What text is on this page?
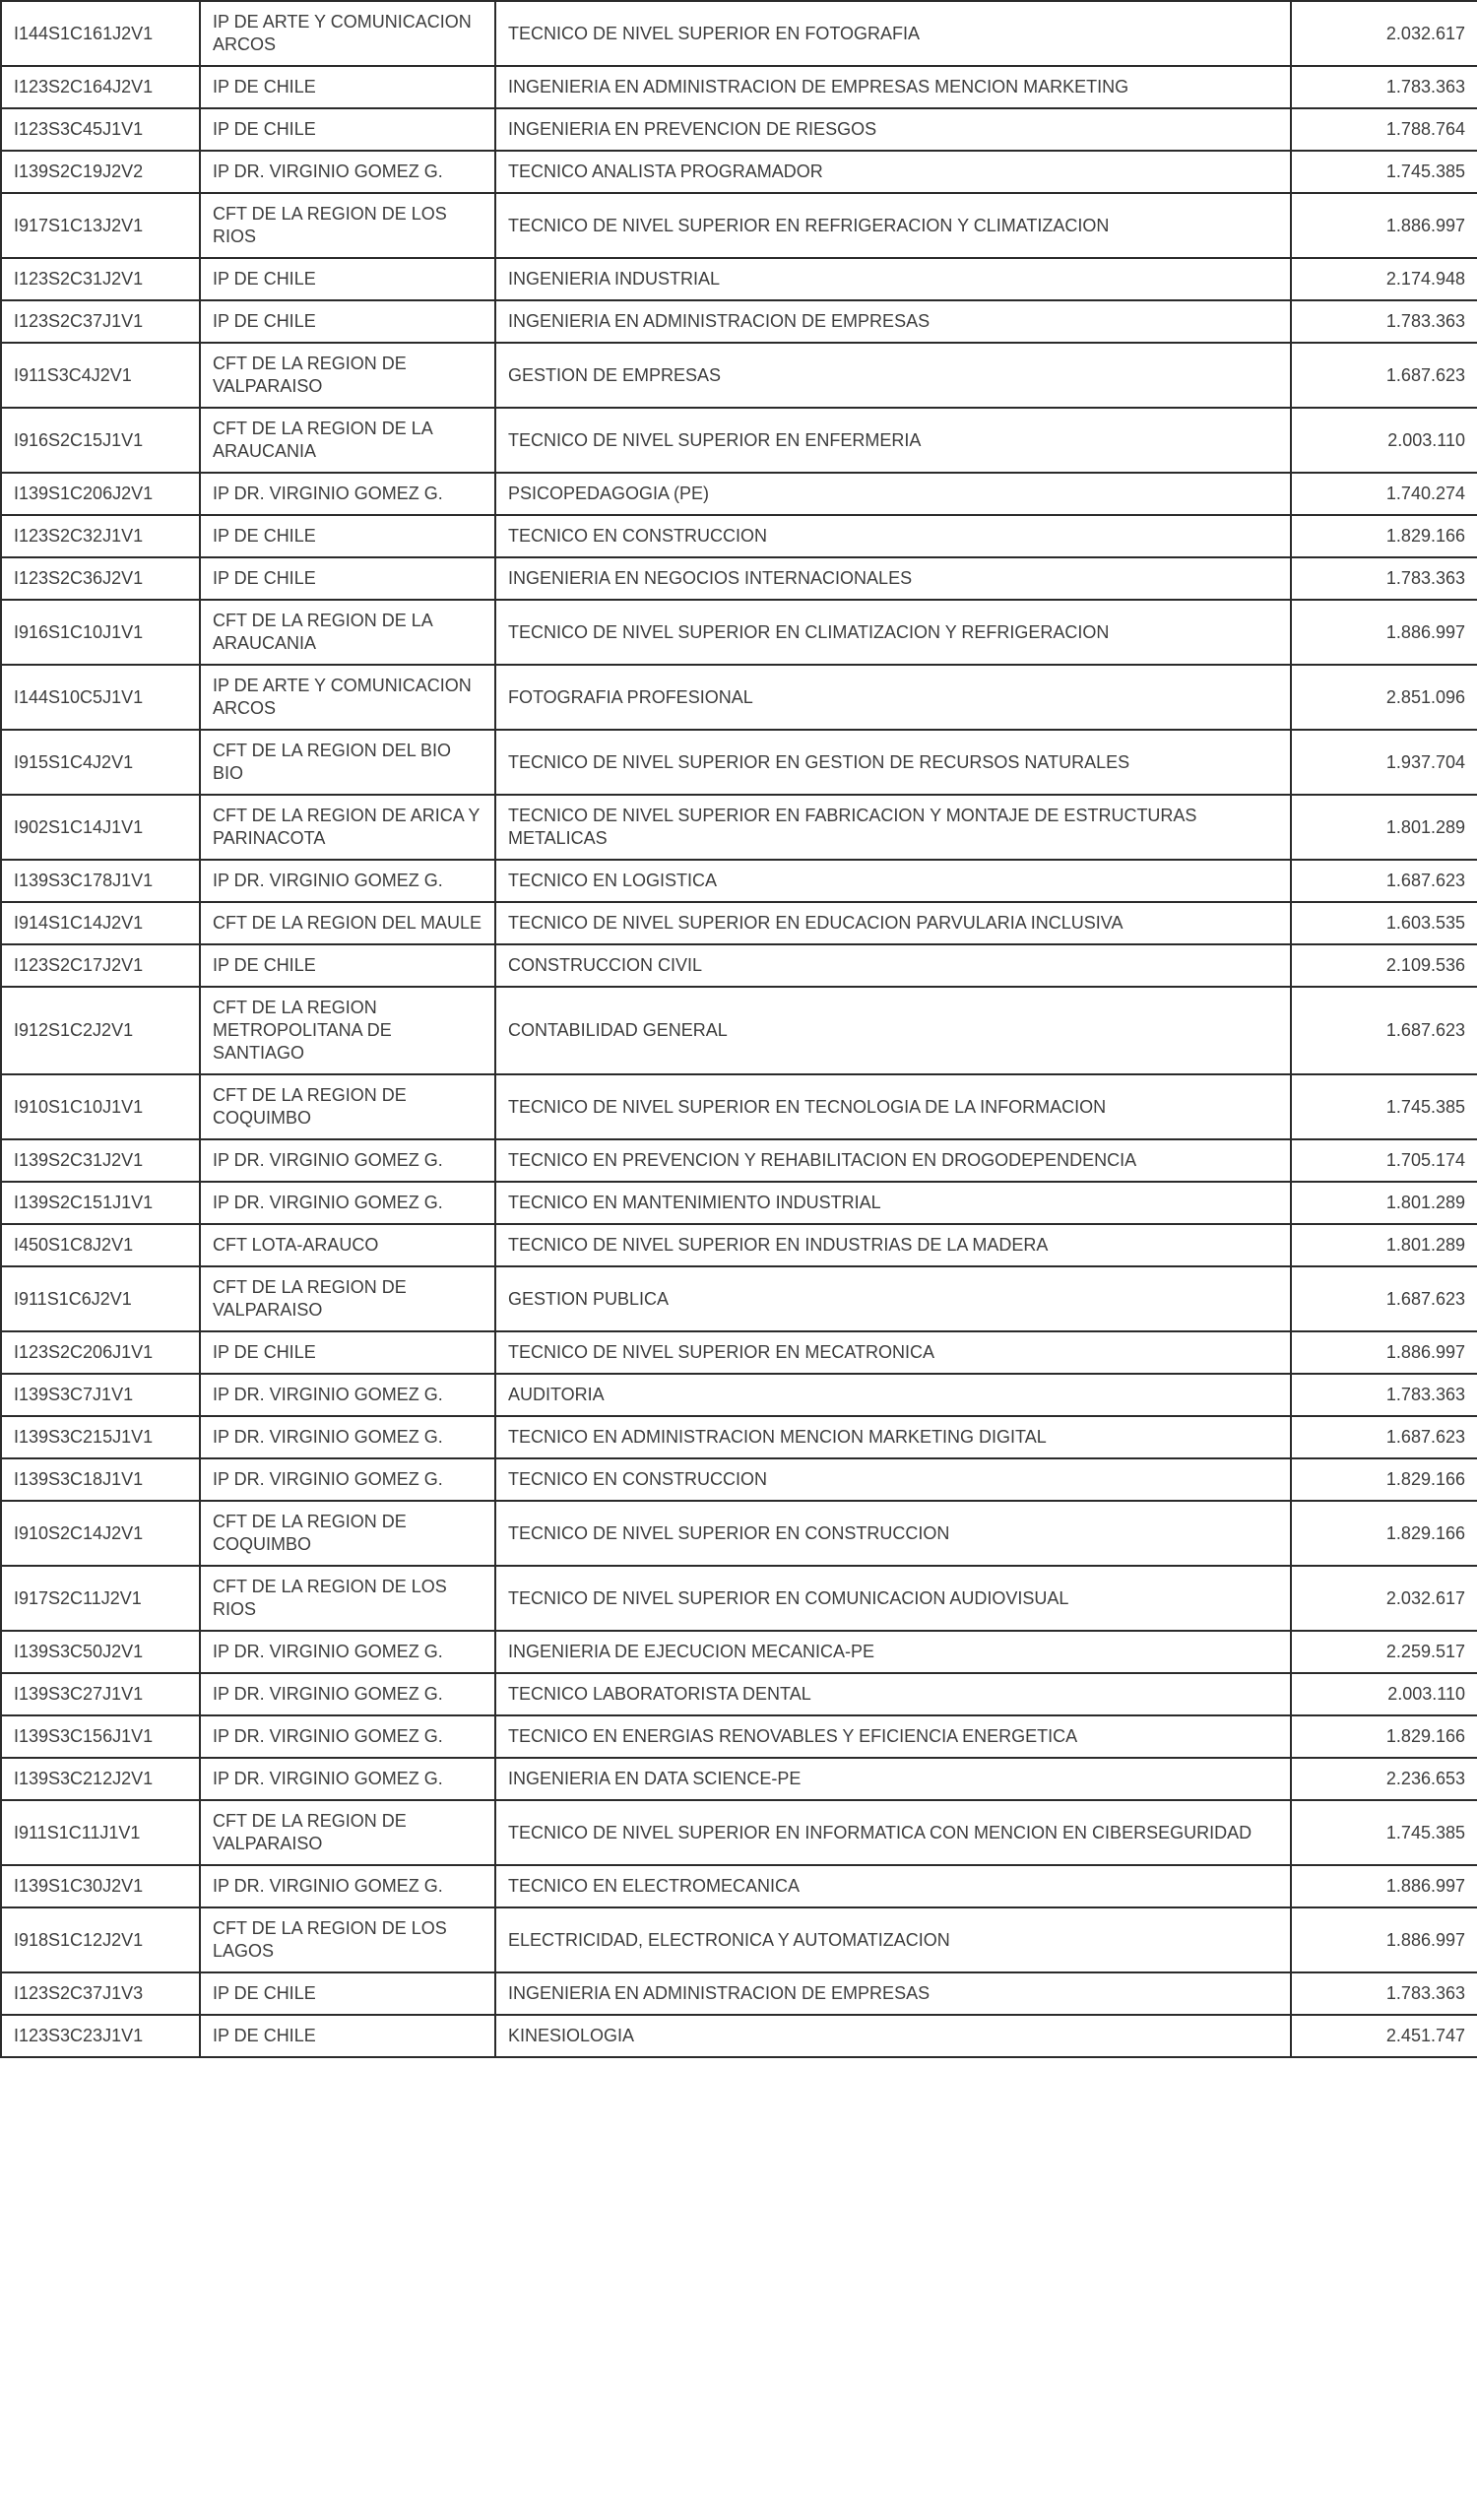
I144S1C161J2V1	IP DE ARTE Y COMUNICACION ARCOS	TECNICO DE NIVEL SUPERIOR EN FOTOGRAFIA	2.032.617
I123S2C164J2V1	IP DE CHILE	INGENIERIA EN ADMINISTRACION DE EMPRESAS MENCION MARKETING	1.783.363
I123S3C45J1V1	IP DE CHILE	INGENIERIA EN PREVENCION DE RIESGOS	1.788.764
I139S2C19J2V2	IP DR. VIRGINIO GOMEZ G.	TECNICO ANALISTA PROGRAMADOR	1.745.385
I917S1C13J2V1	CFT DE LA REGION DE LOS RIOS	TECNICO DE NIVEL SUPERIOR EN REFRIGERACION Y CLIMATIZACION	1.886.997
I123S2C31J2V1	IP DE CHILE	INGENIERIA INDUSTRIAL	2.174.948
I123S2C37J1V1	IP DE CHILE	INGENIERIA EN ADMINISTRACION DE EMPRESAS	1.783.363
I911S3C4J2V1	CFT DE LA REGION DE VALPARAISO	GESTION DE EMPRESAS	1.687.623
I916S2C15J1V1	CFT DE LA REGION DE LA ARAUCANIA	TECNICO DE NIVEL SUPERIOR EN ENFERMERIA	2.003.110
I139S1C206J2V1	IP DR. VIRGINIO GOMEZ G.	PSICOPEDAGOGIA (PE)	1.740.274
I123S2C32J1V1	IP DE CHILE	TECNICO EN CONSTRUCCION	1.829.166
I123S2C36J2V1	IP DE CHILE	INGENIERIA EN NEGOCIOS INTERNACIONALES	1.783.363
I916S1C10J1V1	CFT DE LA REGION DE LA ARAUCANIA	TECNICO DE NIVEL SUPERIOR EN CLIMATIZACION Y REFRIGERACION	1.886.997
I144S10C5J1V1	IP DE ARTE Y COMUNICACION ARCOS	FOTOGRAFIA PROFESIONAL	2.851.096
I915S1C4J2V1	CFT DE LA REGION DEL BIO BIO	TECNICO DE NIVEL SUPERIOR EN GESTION DE RECURSOS NATURALES	1.937.704
I902S1C14J1V1	CFT DE LA REGION DE ARICA Y PARINACOTA	TECNICO DE NIVEL SUPERIOR EN FABRICACION Y MONTAJE DE ESTRUCTURAS METALICAS	1.801.289
I139S3C178J1V1	IP DR. VIRGINIO GOMEZ G.	TECNICO EN LOGISTICA	1.687.623
I914S1C14J2V1	CFT DE LA REGION DEL MAULE	TECNICO DE NIVEL SUPERIOR EN EDUCACION PARVULARIA INCLUSIVA	1.603.535
I123S2C17J2V1	IP DE CHILE	CONSTRUCCION CIVIL	2.109.536
I912S1C2J2V1	CFT DE LA REGION METROPOLITANA DE SANTIAGO	CONTABILIDAD GENERAL	1.687.623
I910S1C10J1V1	CFT DE LA REGION DE COQUIMBO	TECNICO DE NIVEL SUPERIOR EN TECNOLOGIA DE LA INFORMACION	1.745.385
I139S2C31J2V1	IP DR. VIRGINIO GOMEZ G.	TECNICO EN PREVENCION Y REHABILITACION EN DROGODEPENDENCIA	1.705.174
I139S2C151J1V1	IP DR. VIRGINIO GOMEZ G.	TECNICO EN MANTENIMIENTO INDUSTRIAL	1.801.289
I450S1C8J2V1	CFT LOTA-ARAUCO	TECNICO DE NIVEL SUPERIOR EN INDUSTRIAS DE LA MADERA	1.801.289
I911S1C6J2V1	CFT DE LA REGION DE VALPARAISO	GESTION PUBLICA	1.687.623
I123S2C206J1V1	IP DE CHILE	TECNICO DE NIVEL SUPERIOR EN MECATRONICA	1.886.997
I139S3C7J1V1	IP DR. VIRGINIO GOMEZ G.	AUDITORIA	1.783.363
I139S3C215J1V1	IP DR. VIRGINIO GOMEZ G.	TECNICO EN ADMINISTRACION MENCION MARKETING DIGITAL	1.687.623
I139S3C18J1V1	IP DR. VIRGINIO GOMEZ G.	TECNICO EN CONSTRUCCION	1.829.166
I910S2C14J2V1	CFT DE LA REGION DE COQUIMBO	TECNICO DE NIVEL SUPERIOR EN CONSTRUCCION	1.829.166
I917S2C11J2V1	CFT DE LA REGION DE LOS RIOS	TECNICO DE NIVEL SUPERIOR EN COMUNICACION AUDIOVISUAL	2.032.617
I139S3C50J2V1	IP DR. VIRGINIO GOMEZ G.	INGENIERIA DE EJECUCION MECANICA-PE	2.259.517
I139S3C27J1V1	IP DR. VIRGINIO GOMEZ G.	TECNICO LABORATORISTA DENTAL	2.003.110
I139S3C156J1V1	IP DR. VIRGINIO GOMEZ G.	TECNICO EN ENERGIAS RENOVABLES Y EFICIENCIA ENERGETICA	1.829.166
I139S3C212J2V1	IP DR. VIRGINIO GOMEZ G.	INGENIERIA EN DATA SCIENCE-PE	2.236.653
I911S1C11J1V1	CFT DE LA REGION DE VALPARAISO	TECNICO DE NIVEL SUPERIOR EN INFORMATICA CON MENCION EN CIBERSEGURIDAD	1.745.385
I139S1C30J2V1	IP DR. VIRGINIO GOMEZ G.	TECNICO EN ELECTROMECANICA	1.886.997
I918S1C12J2V1	CFT DE LA REGION DE LOS LAGOS	ELECTRICIDAD, ELECTRONICA Y AUTOMATIZACION	1.886.997
I123S2C37J1V3	IP DE CHILE	INGENIERIA EN ADMINISTRACION DE EMPRESAS	1.783.363
I123S3C23J1V1	IP DE CHILE	KINESIOLOGIA	2.451.747
